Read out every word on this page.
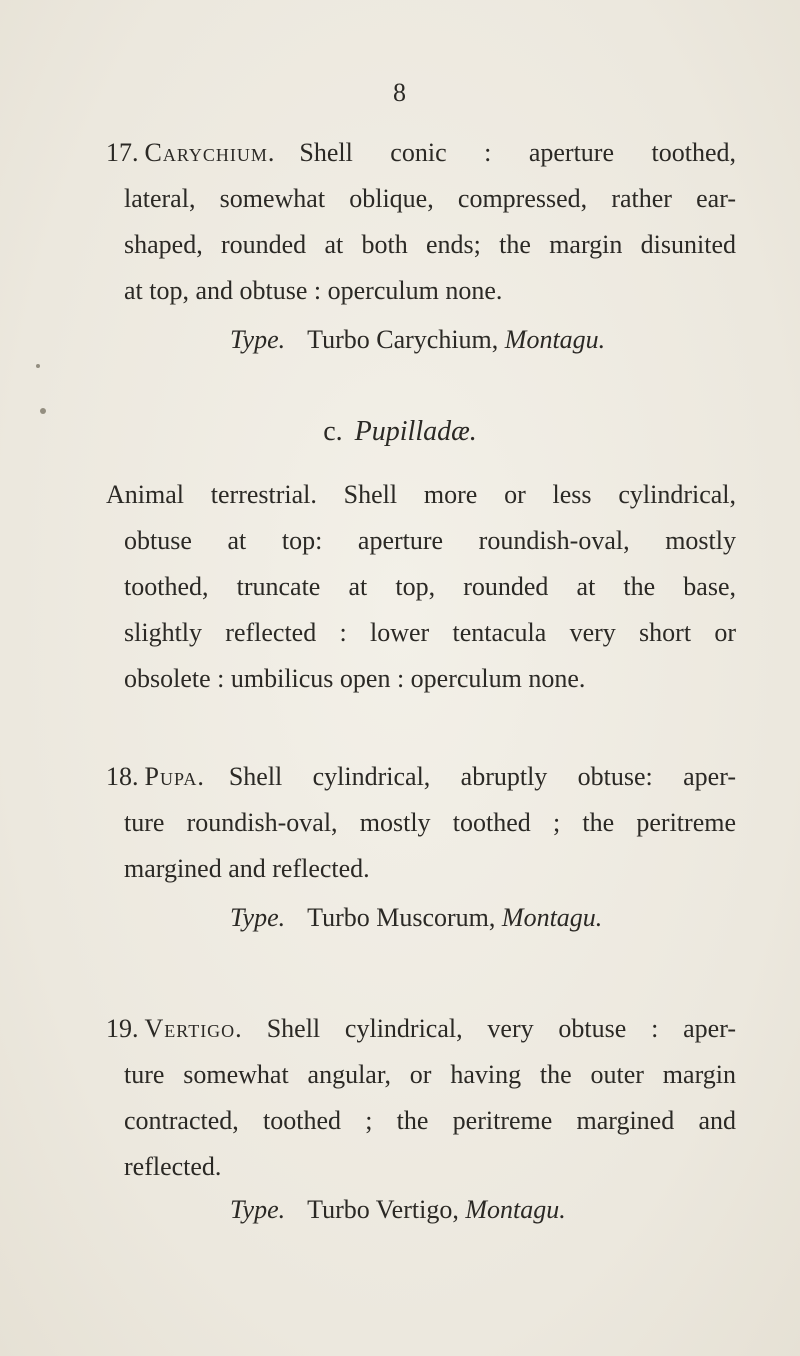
8
17. Carychium. Shell conic : aperture toothed,
lateral, somewhat oblique, compressed, rather ear-
shaped, rounded at both ends; the margin disunited
at top, and obtuse : operculum none.
Type. Turbo Carychium, Montagu.
c. Pupilladæ.
Animal terrestrial. Shell more or less cylindrical,
obtuse at top: aperture roundish-oval, mostly
toothed, truncate at top, rounded at the base,
slightly reflected : lower tentacula very short or
obsolete : umbilicus open : operculum none.
18. Pupa. Shell cylindrical, abruptly obtuse: aper-
ture roundish-oval, mostly toothed ; the peritreme
margined and reflected.
Type. Turbo Muscorum, Montagu.
19. Vertigo. Shell cylindrical, very obtuse : aper-
ture somewhat angular, or having the outer margin
contracted, toothed ; the peritreme margined and
reflected.
Type. Turbo Vertigo, Montagu.
